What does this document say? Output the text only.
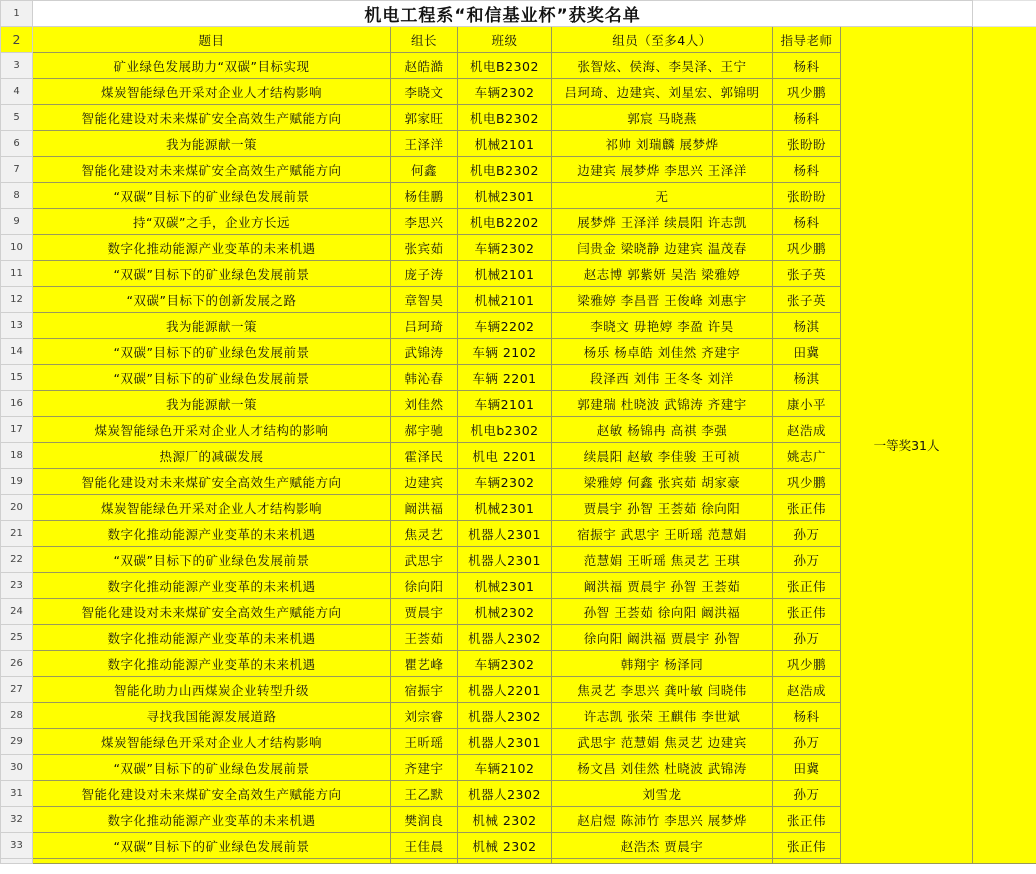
1	机电工程系“和信基业杯”获奖名单							
2	题目	组长	班级	组员（至多4人）	指导老师	一等奖31人		
3	矿业绿色发展助力“双碳”目标实现	赵皓澔	机电B2302	张智炫、侯海、李昊泽、王宁	杨科			
4	煤炭智能绿色开采对企业人才结构影响	李晓文	车辆2302	吕珂琦、边建宾、刘星宏、郭锦明	巩少鹏			
5	智能化建设对未来煤矿安全高效生产赋能方向	郭家旺	机电B2302	郭宸 马晓燕	杨科			
6	我为能源献一策	王泽洋	机械2101	祁帅 刘瑞麟 展梦烨	张盼盼			
7	智能化建设对未来煤矿安全高效生产赋能方向	何鑫	机电B2302	边建宾 展梦烨 李思兴 王泽洋	杨科			
8	“双碳”目标下的矿业绿色发展前景	杨佳鹏	机械2301	无	张盼盼			
9	持“双碳”之手，企业方长远	李思兴	机电B2202	展梦烨 王泽洋 续晨阳 许志凯	杨科			
10	数字化推动能源产业变革的未来机遇	张宾茹	车辆2302	闫贵金 梁晓静 边建宾 温茂春	巩少鹏			
11	“双碳”目标下的矿业绿色发展前景	庞子涛	机械2101	赵志博 郭紫妍 吴浩 梁雅婷	张子英			
12	“双碳”目标下的创新发展之路	章智昊	机械2101	梁雅婷 李昌晋 王俊峰 刘惠宇	张子英			
13	我为能源献一策	吕珂琦	车辆2202	李晓文 毋艳婷 李盈 许昊	杨淇			
14	“双碳”目标下的矿业绿色发展前景	武锦涛	车辆 2102	杨乐 杨卓皓 刘佳然 齐建宇	田冀			
15	“双碳”目标下的矿业绿色发展前景	韩沁春	车辆 2201	段泽西 刘伟 王冬冬 刘洋	杨淇			
16	我为能源献一策	刘佳然	车辆2101	郭建瑞 杜晓波 武锦涛 齐建宇	康小平			
17	煤炭智能绿色开采对企业人才结构的影响	郝宇驰	机电b2302	赵敏 杨锦冉 高祺 李强	赵浩成			
18	热源厂的减碳发展	霍泽民	机电 2201	续晨阳 赵敏 李佳骏 王可祯	姚志广			
19	智能化建设对未来煤矿安全高效生产赋能方向	边建宾	车辆2302	梁雅婷 何鑫 张宾茹 胡家豪	巩少鹏			
20	煤炭智能绿色开采对企业人才结构影响	阚洪福	机械2301	贾晨宇 孙智 王荟茹 徐向阳	张正伟			
21	数字化推动能源产业变革的未来机遇	焦灵艺	机器人2301	宿振宇 武思宇 王昕瑶 范慧娟	孙万			
22	“双碳”目标下的矿业绿色发展前景	武思宇	机器人2301	范慧娟 王昕瑶 焦灵艺 王琪	孙万			
23	数字化推动能源产业变革的未来机遇	徐向阳	机械2301	阚洪福 贾晨宇 孙智 王荟茹	张正伟			
24	智能化建设对未来煤矿安全高效生产赋能方向	贾晨宇	机械2302	孙智 王荟茹 徐向阳 阚洪福	张正伟			
25	数字化推动能源产业变革的未来机遇	王荟茹	机器人2302	徐向阳 阚洪福 贾晨宇 孙智	孙万			
26	数字化推动能源产业变革的未来机遇	瞿艺峰	车辆2302	韩翔宇 杨泽同	巩少鹏			
27	智能化助力山西煤炭企业转型升级	宿振宇	机器人2201	焦灵艺 李思兴 龚叶敏 闫晓伟	赵浩成			
28	寻找我国能源发展道路	刘宗睿	机器人2302	许志凯 张荣 王麒伟 李世斌	杨科			
29	煤炭智能绿色开采对企业人才结构影响	王昕瑶	机器人2301	武思宇 范慧娟 焦灵艺 边建宾	孙万			
30	“双碳”目标下的矿业绿色发展前景	齐建宇	车辆2102	杨文昌 刘佳然 杜晓波 武锦涛	田冀			
31	智能化建设对未来煤矿安全高效生产赋能方向	王乙默	机器人2302	刘雪龙	孙万			
32	数字化推动能源产业变革的未来机遇	樊润良	机械 2302	赵启煜 陈沛竹 李思兴 展梦烨	张正伟			
33	“双碳”目标下的矿业绿色发展前景	王佳晨	机械 2302	赵浩杰 贾晨宇	张正伟			
